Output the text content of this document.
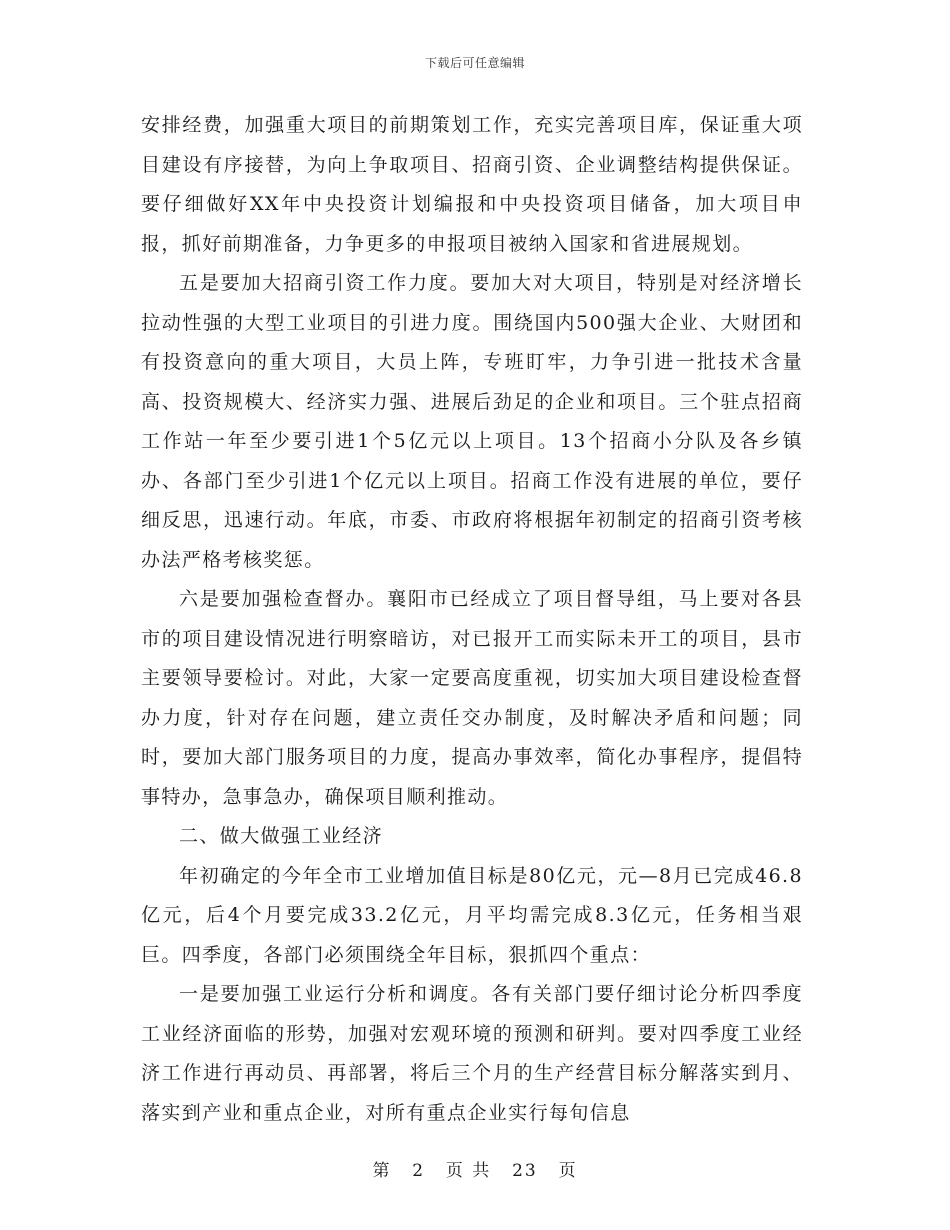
下载后可任意编辑

安排经费，加强重大项目的前期策划工作，充实完善项目库，保证重大项目建设有序接替，为向上争取项目、招商引资、企业调整结构提供保证。要仔细做好XX年中央投资计划编报和中央投资项目储备，加大项目申报，抓好前期准备，力争更多的申报项目被纳入国家和省进展规划。

五是要加大招商引资工作力度。要加大对大项目，特别是对经济增长拉动性强的大型工业项目的引进力度。围绕国内500强大企业、大财团和有投资意向的重大项目，大员上阵，专班盯牢，力争引进一批技术含量高、投资规模大、经济实力强、进展后劲足的企业和项目。三个驻点招商工作站一年至少要引进1个5亿元以上项目。13个招商小分队及各乡镇办、各部门至少引进1个亿元以上项目。招商工作没有进展的单位，要仔细反思，迅速行动。年底，市委、市政府将根据年初制定的招商引资考核办法严格考核奖惩。

六是要加强检查督办。襄阳市已经成立了项目督导组，马上要对各县市的项目建设情况进行明察暗访，对已报开工而实际未开工的项目，县市主要领导要检讨。对此，大家一定要高度重视，切实加大项目建设检查督办力度，针对存在问题，建立责任交办制度，及时解决矛盾和问题；同时，要加大部门服务项目的力度，提高办事效率，简化办事程序，提倡特事特办，急事急办，确保项目顺利推动。

二、做大做强工业经济

年初确定的今年全市工业增加值目标是80亿元，元—8月已完成46.8亿元，后4个月要完成33.2亿元，月平均需完成8.3亿元，任务相当艰巨。四季度，各部门必须围绕全年目标，狠抓四个重点：

一是要加强工业运行分析和调度。各有关部门要仔细讨论分析四季度工业经济面临的形势，加强对宏观环境的预测和研判。要对四季度工业经济工作进行再动员、再部署，将后三个月的生产经营目标分解落实到月、落实到产业和重点企业，对所有重点企业实行每旬信息

第 2 页 共 23 页
